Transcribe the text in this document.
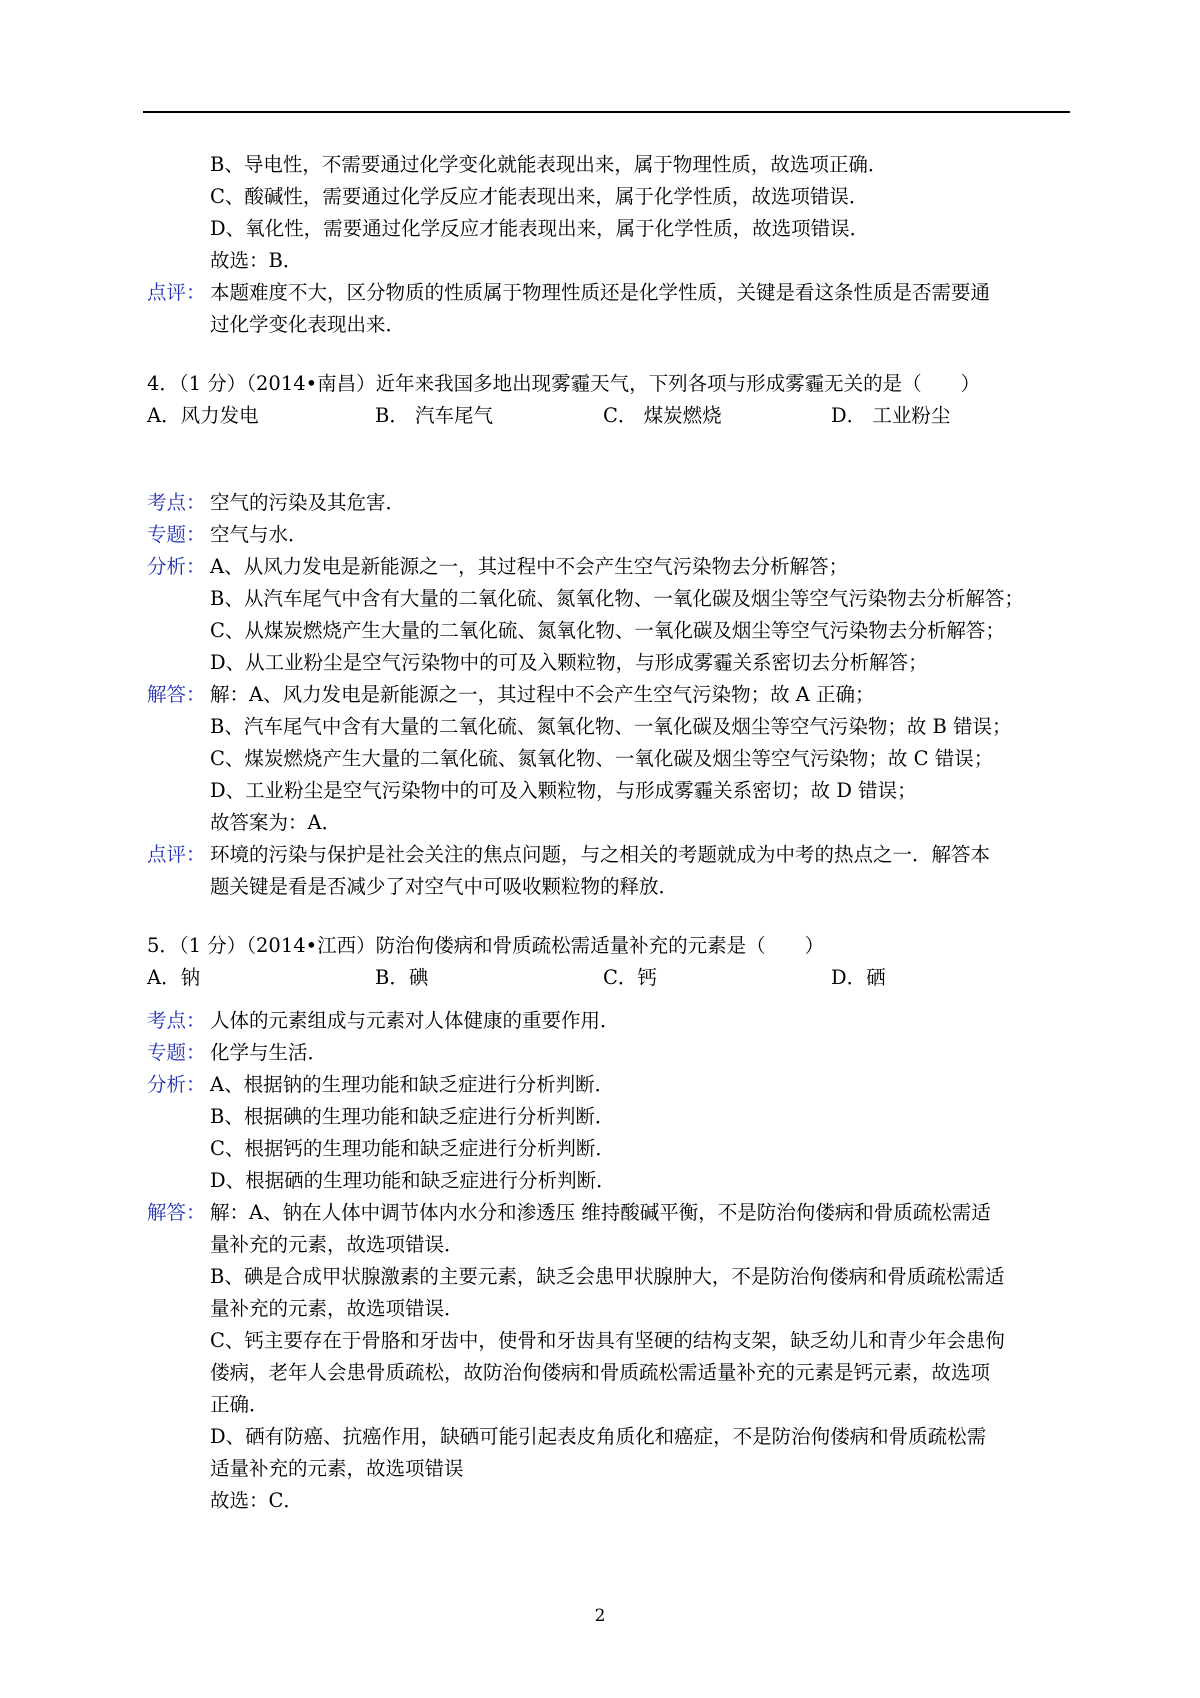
B、导电性，不需要通过化学变化就能表现出来，属于物理性质，故选项正确．
C、酸碱性，需要通过化学反应才能表现出来，属于化学性质，故选项错误．
D、氧化性，需要通过化学反应才能表现出来，属于化学性质，故选项错误．
故选：B．
点评： 本题难度不大，区分物质的性质属于物理性质还是化学性质，关键是看这条性质是否需要通
过化学变化表现出来．
4．（1 分）（2014•南昌）近年来我国多地出现雾霾天气，下列各项与形成雾霾无关的是（　　）
A．风力发电	B． 汽车尾气	C． 煤炭燃烧	D． 工业粉尘
考点： 空气的污染及其危害．
专题： 空气与水．
分析： A、从风力发电是新能源之一，其过程中不会产生空气污染物去分析解答；
B、从汽车尾气中含有大量的二氧化硫、氮氧化物、一氧化碳及烟尘等空气污染物去分析解答；
C、从煤炭燃烧产生大量的二氧化硫、氮氧化物、一氧化碳及烟尘等空气污染物去分析解答；
D、从工业粉尘是空气污染物中的可及入颗粒物，与形成雾霾关系密切去分析解答；
解答： 解：A、风力发电是新能源之一，其过程中不会产生空气污染物；故 A 正确；
B、汽车尾气中含有大量的二氧化硫、氮氧化物、一氧化碳及烟尘等空气污染物；故 B 错误；
C、煤炭燃烧产生大量的二氧化硫、氮氧化物、一氧化碳及烟尘等空气污染物；故 C 错误；
D、工业粉尘是空气污染物中的可及入颗粒物，与形成雾霾关系密切；故 D 错误；
故答案为：A．
点评： 环境的污染与保护是社会关注的焦点问题，与之相关的考题就成为中考的热点之一．解答本
题关键是看是否减少了对空气中可吸收颗粒物的释放．
5．（1 分）（2014•江西）防治佝偻病和骨质疏松需适量补充的元素是（　　）
A．钠	B．碘	C．钙	D．硒
考点： 人体的元素组成与元素对人体健康的重要作用．
专题： 化学与生活．
分析： A、根据钠的生理功能和缺乏症进行分析判断．
B、根据碘的生理功能和缺乏症进行分析判断．
C、根据钙的生理功能和缺乏症进行分析判断．
D、根据硒的生理功能和缺乏症进行分析判断．
解答： 解：A、钠在人体中调节体内水分和渗透压 维持酸碱平衡，不是防治佝偻病和骨质疏松需适
量补充的元素，故选项错误．
B、碘是合成甲状腺激素的主要元素，缺乏会患甲状腺肿大，不是防治佝偻病和骨质疏松需适
量补充的元素，故选项错误．
C、钙主要存在于骨胳和牙齿中，使骨和牙齿具有坚硬的结构支架，缺乏幼儿和青少年会患佝
偻病，老年人会患骨质疏松，故防治佝偻病和骨质疏松需适量补充的元素是钙元素，故选项
正确．
D、硒有防癌、抗癌作用，缺硒可能引起表皮角质化和癌症，不是防治佝偻病和骨质疏松需
适量补充的元素，故选项错误
故选：C．
2
